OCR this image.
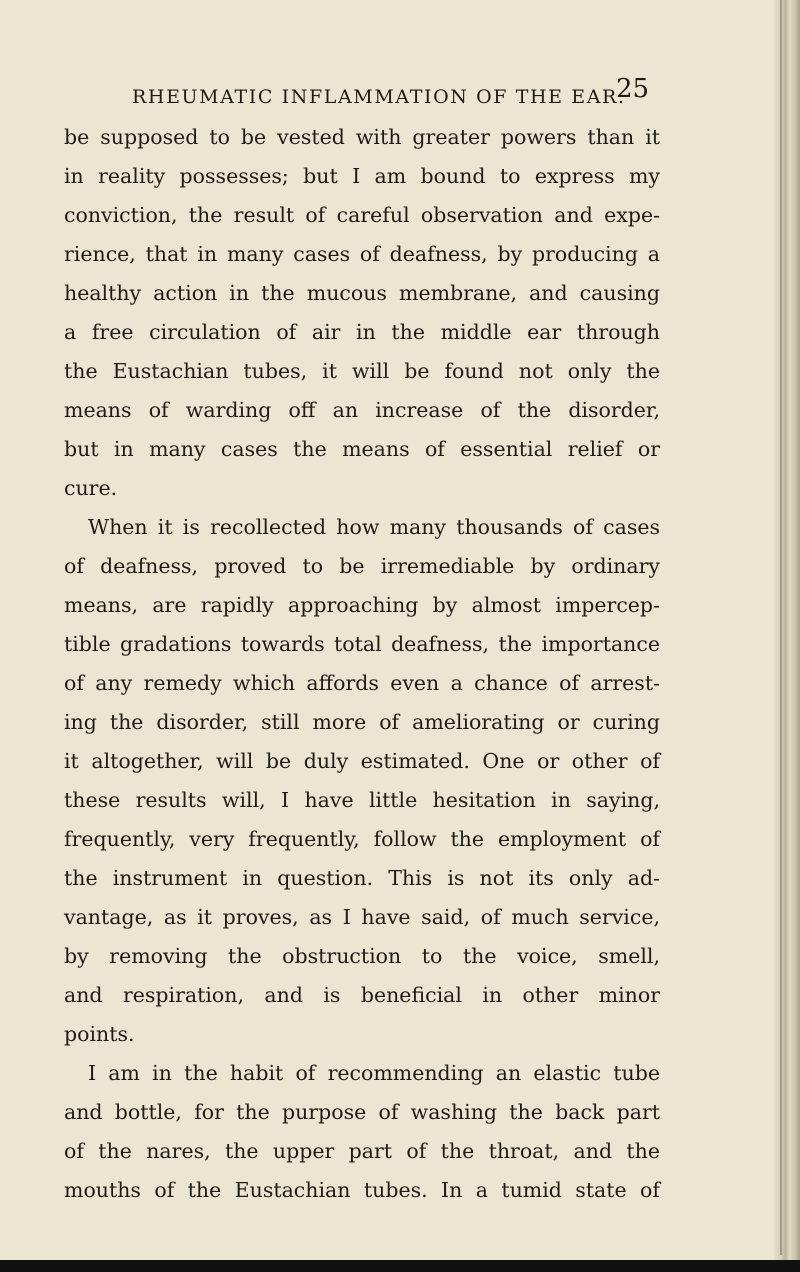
RHEUMATIC INFLAMMATION OF THE EAR.
25
be supposed to be vested with greater powers than it
in reality possesses; but I am bound to express my
conviction, the result of careful observation and expe-
rience, that in many cases of deafness, by producing a
healthy action in the mucous membrane, and causing
a free circulation of air in the middle ear through
the Eustachian tubes, it will be found not only the
means of warding off an increase of the disorder,
but in many cases the means of essential relief or
cure.
When it is recollected how many thousands of cases
of deafness, proved to be irremediable by ordinary
means, are rapidly approaching by almost impercep-
tible gradations towards total deafness, the importance
of any remedy which affords even a chance of arrest-
ing the disorder, still more of ameliorating or curing
it altogether, will be duly estimated. One or other of
these results will, I have little hesitation in saying,
frequently, very frequently, follow the employment of
the instrument in question. This is not its only ad-
vantage, as it proves, as I have said, of much service,
by removing the obstruction to the voice, smell,
and respiration, and is beneficial in other minor
points.
I am in the habit of recommending an elastic tube
and bottle, for the purpose of washing the back part
of the nares, the upper part of the throat, and the
mouths of the Eustachian tubes. In a tumid state of
